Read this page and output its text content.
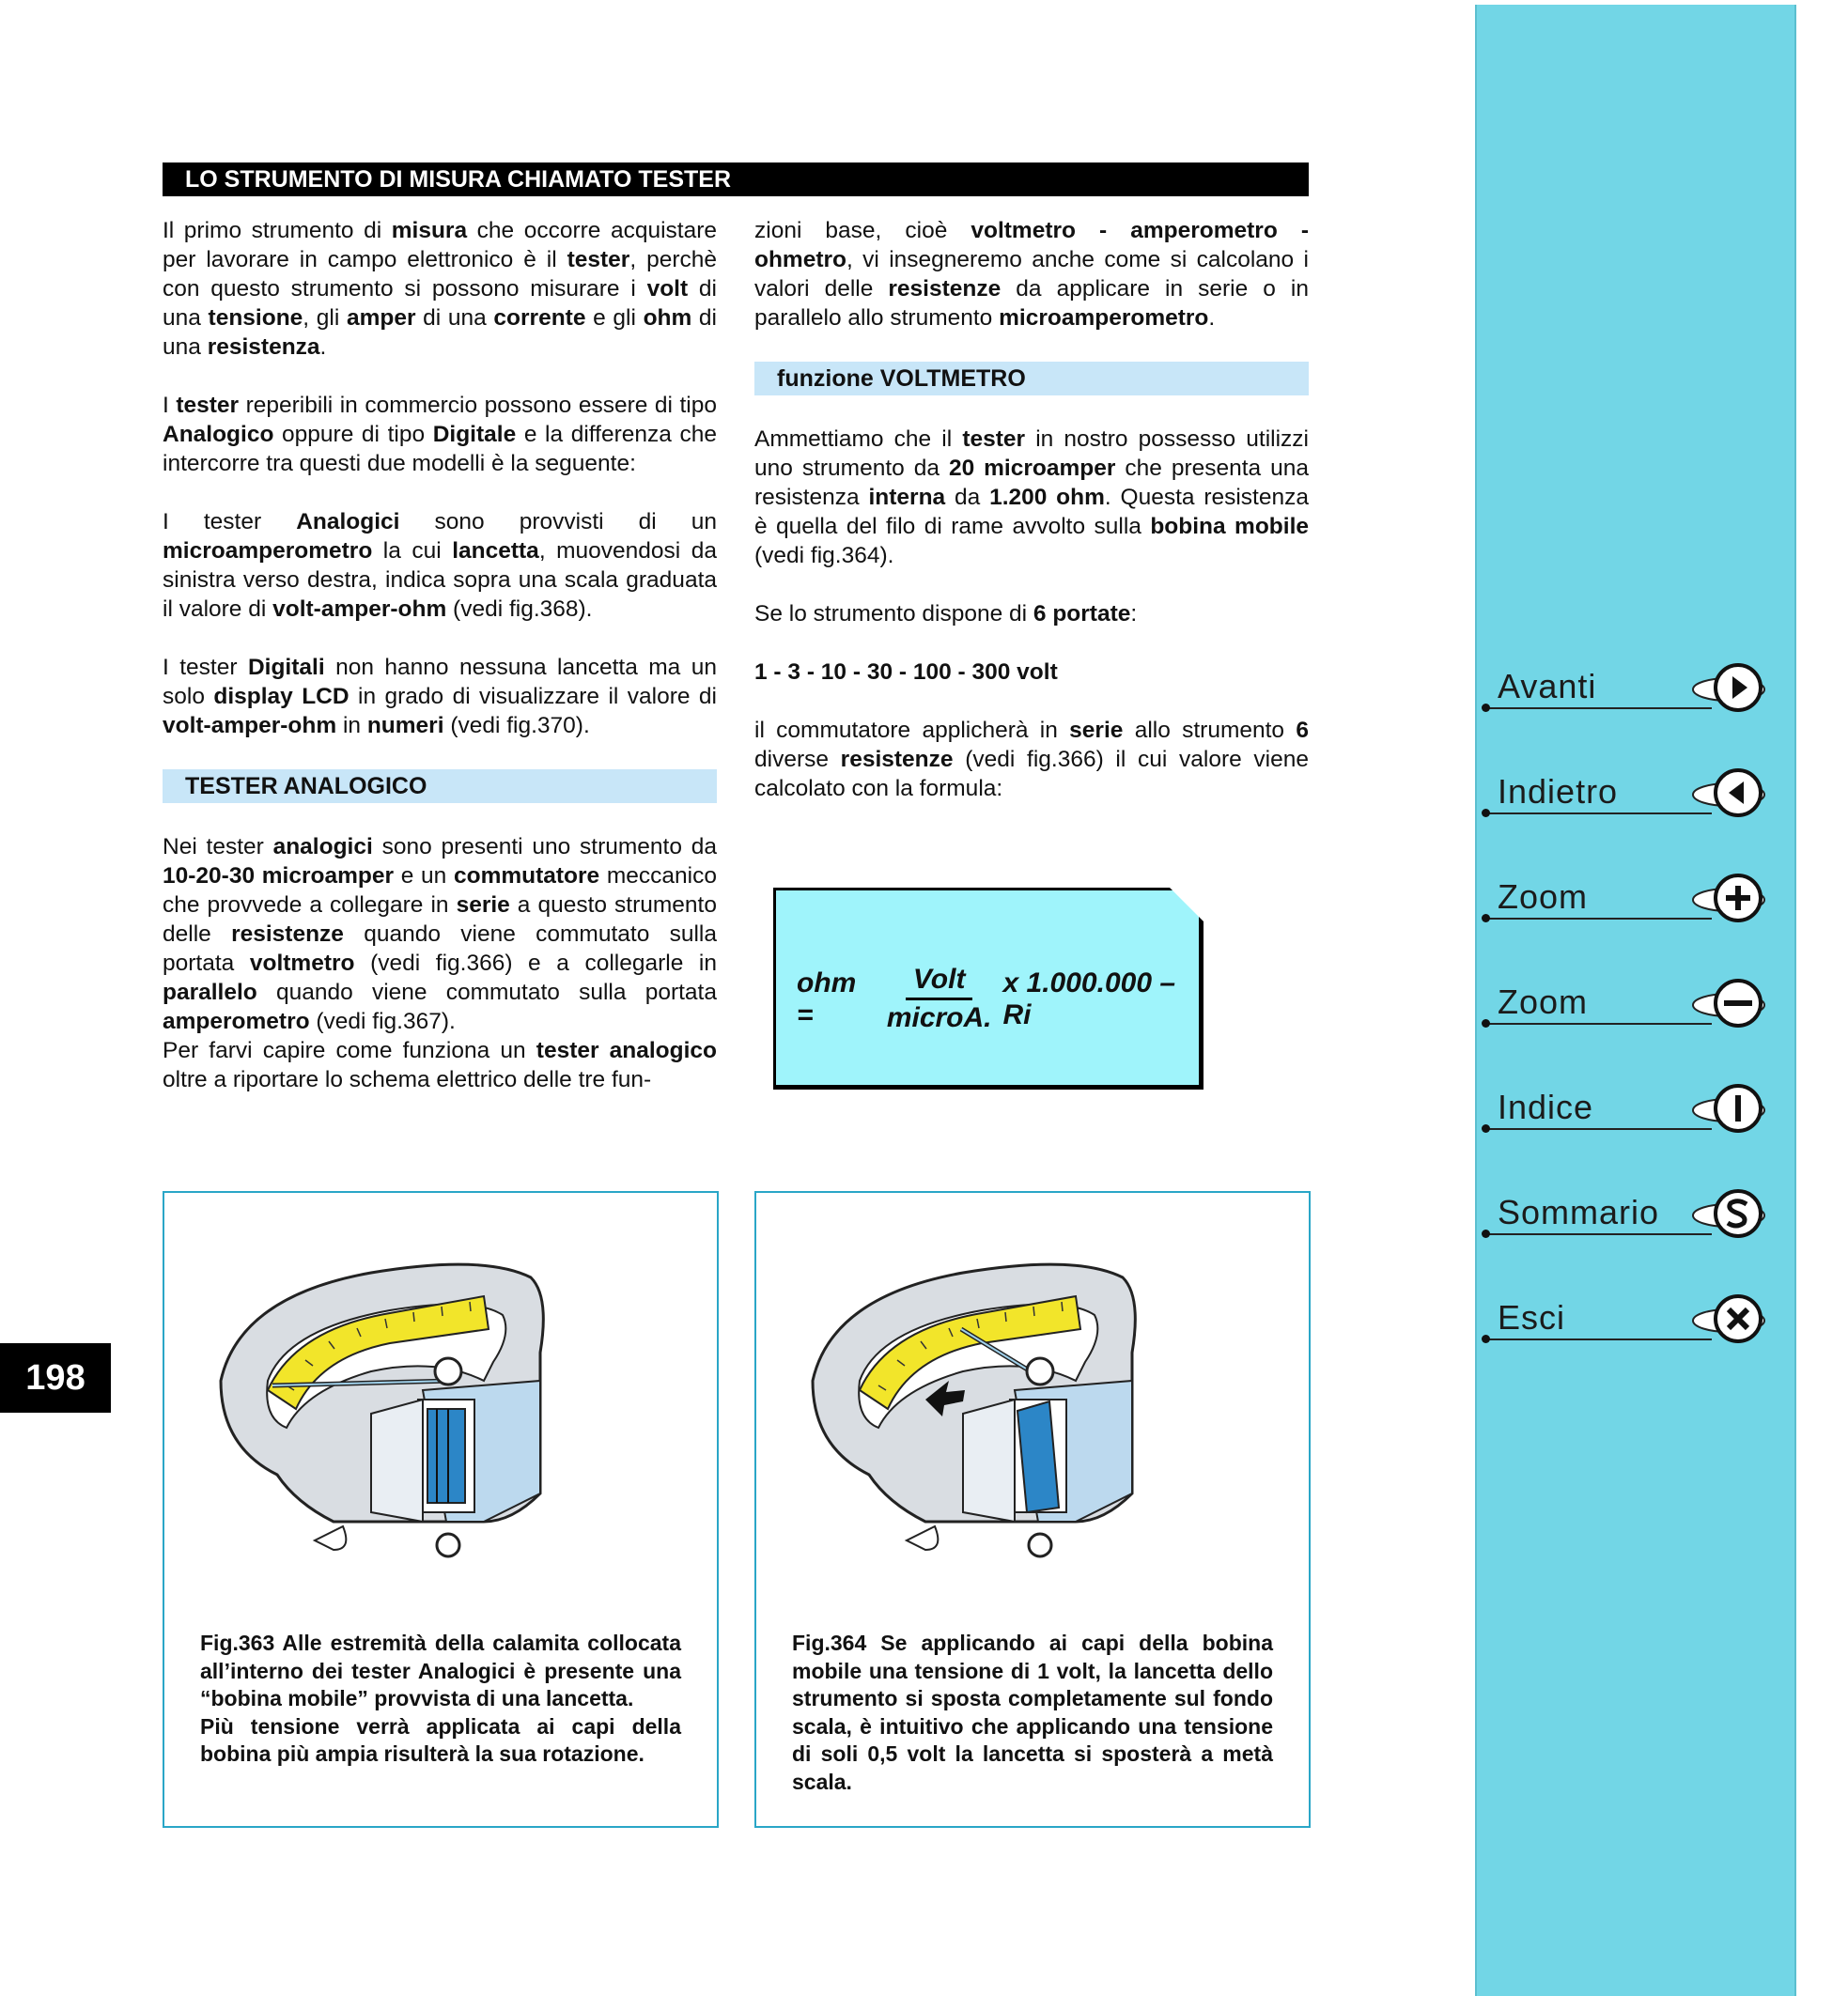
198
LO STRUMENTO DI MISURA CHIAMATO TESTER

Il primo strumento di misura che occorre acquistare per lavorare in campo elettronico è il tester, perchè con questo strumento si possono misurare i volt di una tensione, gli amper di una corrente e gli ohm di una resistenza.

I tester reperibili in commercio possono essere di tipo Analogico oppure di tipo Digitale e la differenza che intercorre tra questi due modelli è la seguente:

I tester Analogici sono provvisti di un microamperometro la cui lancetta, muovendosi da sinistra verso destra, indica sopra una scala graduata il valore di volt-amper-ohm (vedi fig.368).

I tester Digitali non hanno nessuna lancetta ma un solo display LCD in grado di visualizzare il valore di volt-amper-ohm in numeri (vedi fig.370).

TESTER ANALOGICO

Nei tester analogici sono presenti uno strumento da 10-20-30 microamper e un commutatore meccanico che provvede a collegare in serie a questo strumento delle resistenze quando viene commutato sulla portata voltmetro (vedi fig.366) e a collegarle in parallelo quando viene commutato sulla portata amperometro (vedi fig.367).

Per farvi capire come funziona un tester analogico oltre a riportare lo schema elettrico delle tre fun-

zioni base, cioè voltmetro - amperometro - ohmetro, vi insegneremo anche come si calcolano i valori delle resistenze da applicare in serie o in parallelo allo strumento microamperometro.

funzione VOLTMETRO

Ammettiamo che il tester in nostro possesso utilizzi uno strumento da 20 microamper che presenta una resistenza interna da 1.200 ohm. Questa resistenza è quella del filo di rame avvolto sulla bobina mobile (vedi fig.364).

Se lo strumento dispone di 6 portate:

1 - 3 - 10 - 30 - 100 - 300 volt

il commutatore applicherà in serie allo strumento 6 diverse resistenze (vedi fig.366) il cui valore viene calcolato con la formula:

ohm =	$\frac{\text{Volt}}{\text{microA.}}$ x 1.000.000 – Ri

Fig.363 Alle estremità della calamita collocata all’interno dei tester Analogici è presente una “bobina mobile” provvista di una lancetta.

Più tensione verrà applicata ai capi della bobina più ampia risulterà la sua rotazione.

Fig.364 Se applicando ai capi della bobina mobile una tensione di 1 volt, la lancetta dello strumento si sposta completamente sul fondo scala, è intuitivo che applicando una tensione di soli 0,5 volt la lancetta si sposterà a metà scala.

Avanti
Indietro
Zoom
Zoom
Indice
Sommario
Esci
